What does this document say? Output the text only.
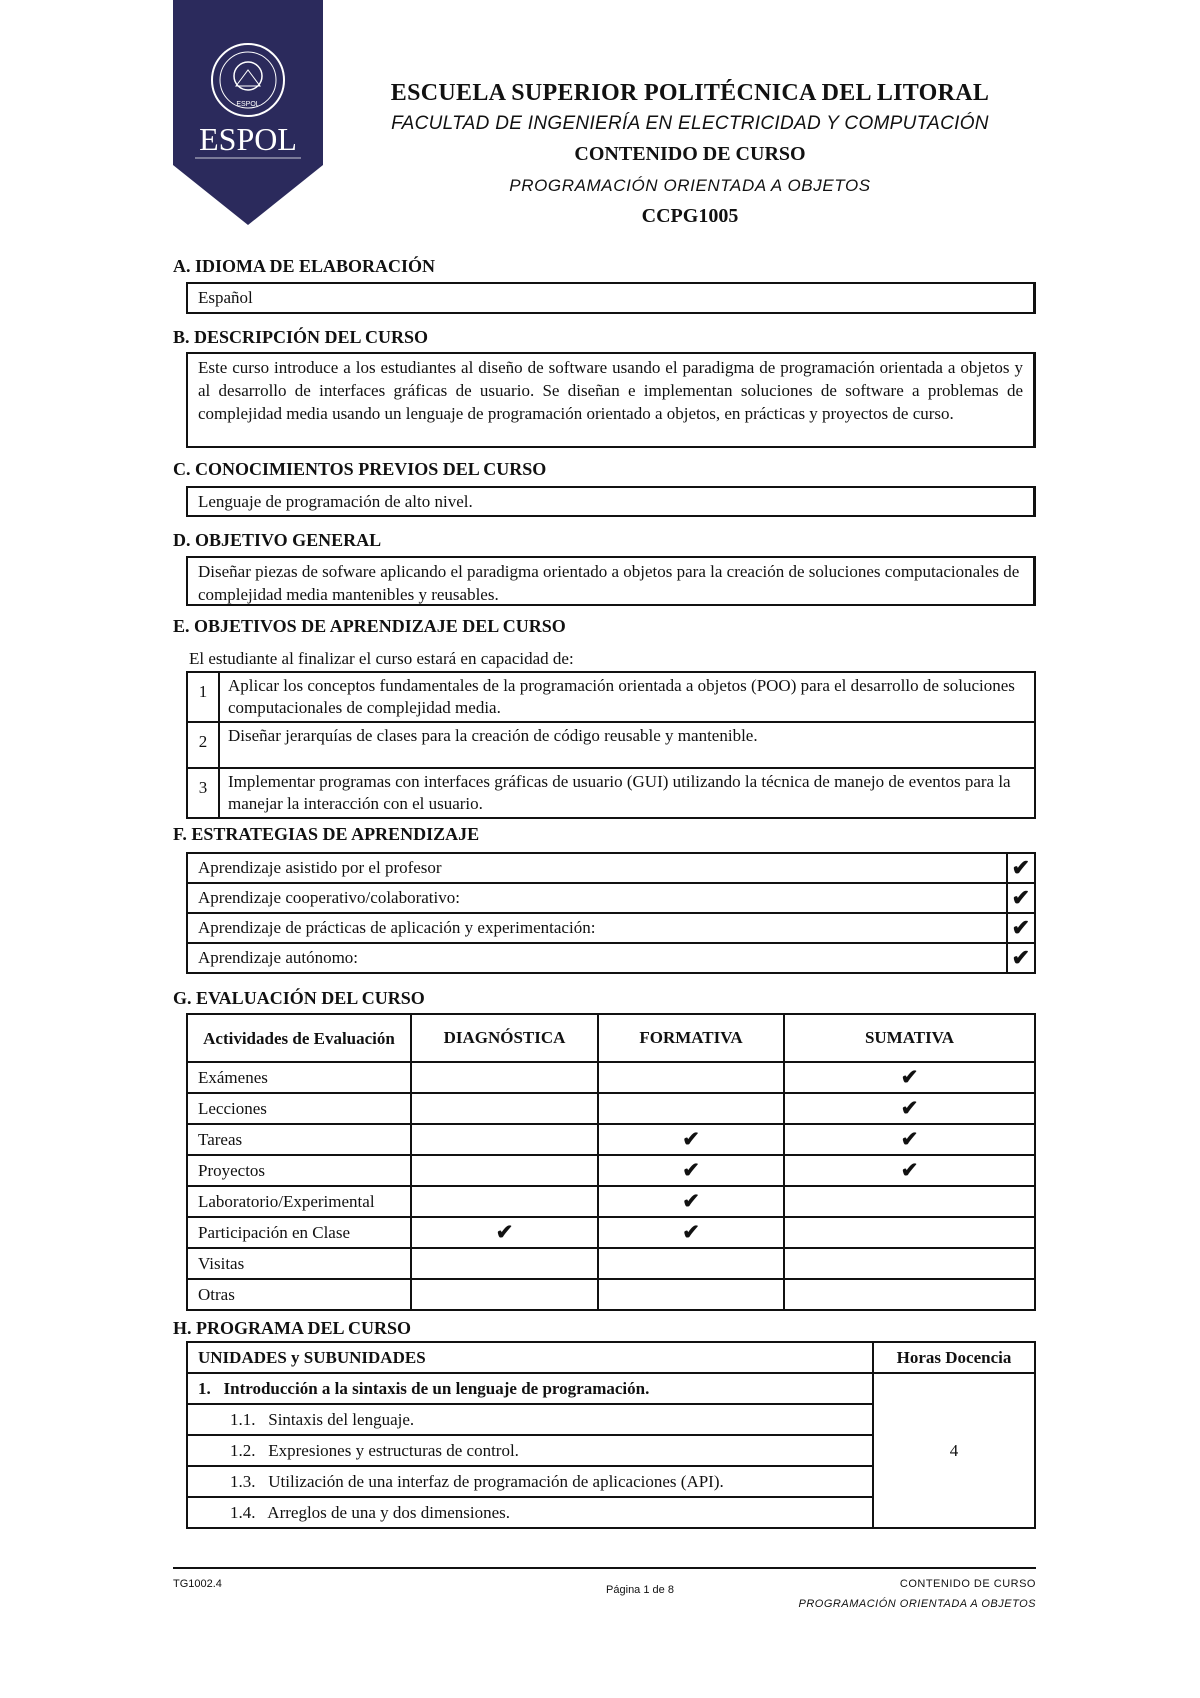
ESPOL
ESPOL
ESCUELA SUPERIOR POLITÉCNICA DEL LITORAL
FACULTAD DE INGENIERÍA EN ELECTRICIDAD Y COMPUTACIÓN
CONTENIDO DE CURSO
PROGRAMACIÓN ORIENTADA A OBJETOS
CCPG1005
A. IDIOMA DE ELABORACIÓN
Español
B. DESCRIPCIÓN DEL CURSO
Este curso introduce a los estudiantes al diseño de software usando el paradigma de programación orientada a objetos y al desarrollo de interfaces gráficas de usuario. Se diseñan e implementan soluciones de software a problemas de complejidad media usando un lenguaje de programación orientado a objetos, en prácticas y proyectos de curso.
C. CONOCIMIENTOS PREVIOS DEL CURSO
Lenguaje de programación de alto nivel.
D. OBJETIVO GENERAL
Diseñar piezas de sofware aplicando el paradigma orientado a objetos para la creación de soluciones computacionales de complejidad media mantenibles y reusables.
E. OBJETIVOS DE APRENDIZAJE DEL CURSO
El estudiante al finalizar el curso estará en capacidad de:
1	Aplicar los conceptos fundamentales de la programación orientada a objetos (POO) para el desarrollo de soluciones computacionales de complejidad media.
2	Diseñar jerarquías de clases para la creación de código reusable y mantenible.
3	Implementar programas con interfaces gráficas de usuario (GUI) utilizando la técnica de manejo de eventos para la manejar la interacción con el usuario.
F. ESTRATEGIAS DE APRENDIZAJE
Aprendizaje asistido por el profesor	✔
Aprendizaje cooperativo/colaborativo:	✔
Aprendizaje de prácticas de aplicación y experimentación:	✔
Aprendizaje autónomo:	✔
G. EVALUACIÓN DEL CURSO
Actividades de Evaluación	DIAGNÓSTICA	FORMATIVA	SUMATIVA
Exámenes			✔
Lecciones			✔
Tareas		✔	✔
Proyectos		✔	✔
Laboratorio/Experimental		✔	
Participación en Clase	✔	✔	
Visitas			
Otras			
H. PROGRAMA DEL CURSO
UNIDADES y SUBUNIDADES	Horas Docencia
1.   Introducción a la sintaxis de un lenguaje de programación.	4
1.1.   Sintaxis del lenguaje.	
1.2.   Expresiones y estructuras de control.	
1.3.   Utilización de una interfaz de programación de aplicaciones (API).	
1.4.   Arreglos de una y dos dimensiones.	
TG1002.4	Página 1 de 8	CONTENIDO DE CURSO
PROGRAMACIÓN ORIENTADA A OBJETOS
